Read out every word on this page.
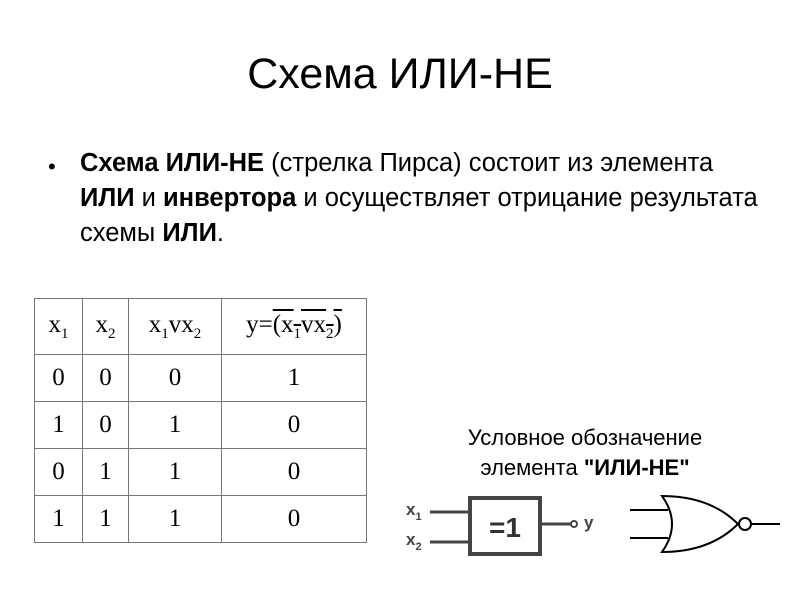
Схема ИЛИ-НЕ
• Схема ИЛИ-НЕ (стрелка Пирса) состоит из элемента ИЛИ и инвертора и осуществляет отрицание результата схемы ИЛИ.
$x_1$	$x_2$	$x_1vx_2$	$y=(x_1vx_2)$
0	0	0	1
1	0	1	0
0	1	1	0
1	1	1	0
Условное обозначение
элемента "ИЛИ-НЕ"
$x_1$
$x_2$
=1	y
